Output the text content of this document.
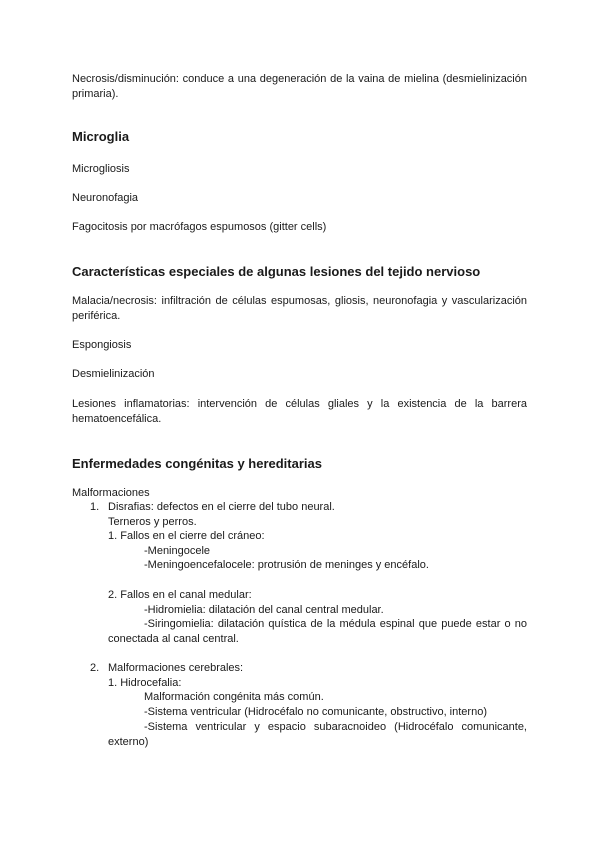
Necrosis/disminución: conduce a una degeneración de la vaina de mielina (desmielinización
primaria).
Microglia
Microgliosis
Neuronofagia
Fagocitosis por macrófagos espumosos (gitter cells)
Características especiales de algunas lesiones del tejido nervioso
Malacia/necrosis: infiltración de células espumosas, gliosis, neuronofagia y vascularización
periférica.
Espongiosis
Desmielinización
Lesiones inflamatorias: intervención de células gliales y la existencia de la barrera
hematoencefálica.
Enfermedades congénitas y hereditarias
Malformaciones
1. Disrafias: defectos en el cierre del tubo neural.
Terneros y perros.
1. Fallos en el cierre del cráneo:
-Meningocele
-Meningoencefalocele: protrusión de meninges y encéfalo.
2. Fallos en el canal medular:
-Hidromielia: dilatación del canal central medular.
-Siringomielia: dilatación quística de la médula espinal que puede estar o no
conectada al canal central.
2. Malformaciones cerebrales:
1. Hidrocefalia:
Malformación congénita más común.
-Sistema ventricular (Hidrocéfalo no comunicante, obstructivo, interno)
-Sistema ventricular y espacio subaracnoideo (Hidrocéfalo comunicante,
externo)
